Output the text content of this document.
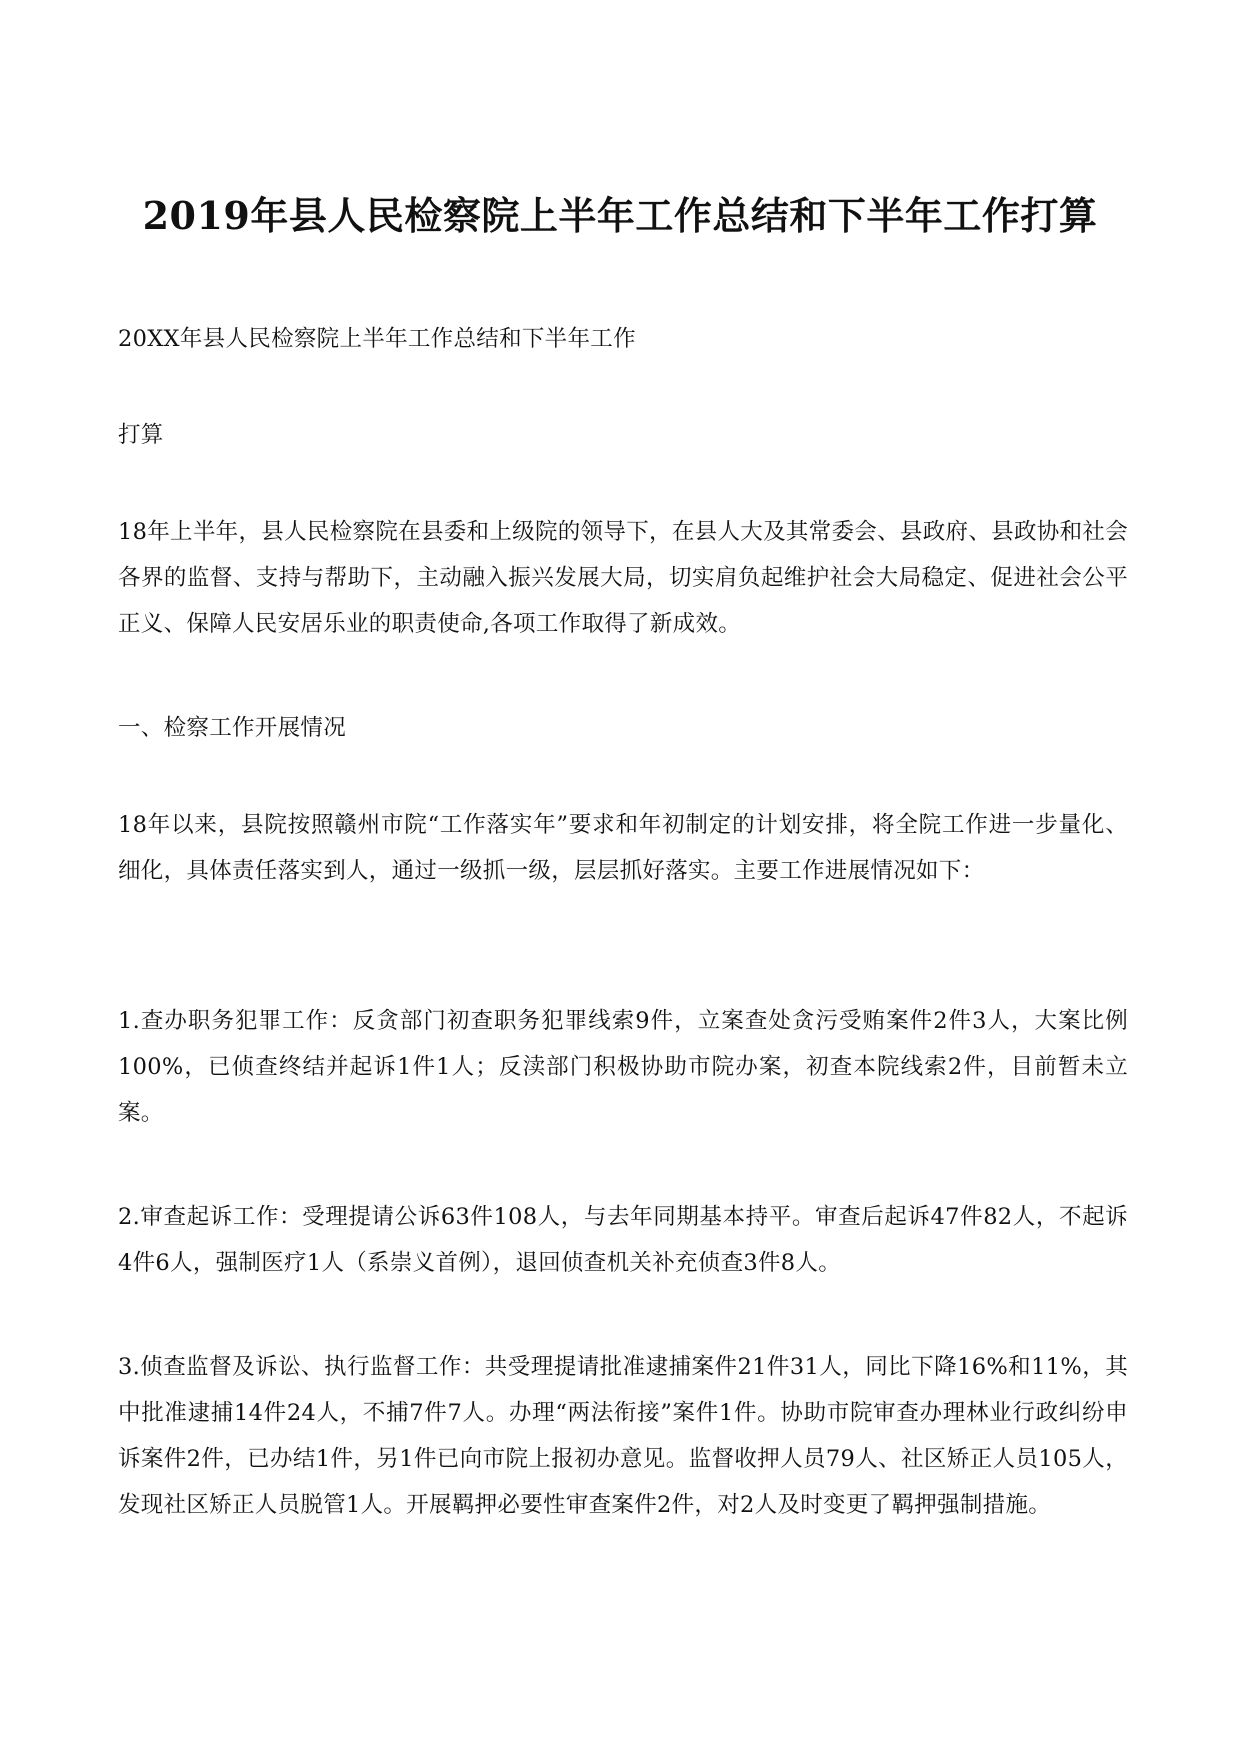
2019年县人民检察院上半年工作总结和下半年工作打算

20XX年县人民检察院上半年工作总结和下半年工作

打算

18年上半年，县人民检察院在县委和上级院的领导下，在县人大及其常委会、县政府、县政协和社会各界的监督、支持与帮助下，主动融入振兴发展大局，切实肩负起维护社会大局稳定、促进社会公平正义、保障人民安居乐业的职责使命,各项工作取得了新成效。

一、检察工作开展情况

18年以来，县院按照赣州市院“工作落实年”要求和年初制定的计划安排，将全院工作进一步量化、细化，具体责任落实到人，通过一级抓一级，层层抓好落实。主要工作进展情况如下：

1.查办职务犯罪工作：反贪部门初查职务犯罪线索9件，立案查处贪污受贿案件2件3人，大案比例100%，已侦查终结并起诉1件1人；反渎部门积极协助市院办案，初查本院线索2件，目前暂未立案。

2.审查起诉工作：受理提请公诉63件108人，与去年同期基本持平。审查后起诉47件82人，不起诉4件6人，强制医疗1人（系崇义首例），退回侦查机关补充侦查3件8人。

3.侦查监督及诉讼、执行监督工作：共受理提请批准逮捕案件21件31人，同比下降16%和11%，其中批准逮捕14件24人，不捕7件7人。办理“两法衔接”案件1件。协助市院审查办理林业行政纠纷申诉案件2件，已办结1件，另1件已向市院上报初办意见。监督收押人员79人、社区矫正人员105人，发现社区矫正人员脱管1人。开展羁押必要性审查案件2件，对2人及时变更了羁押强制措施。
